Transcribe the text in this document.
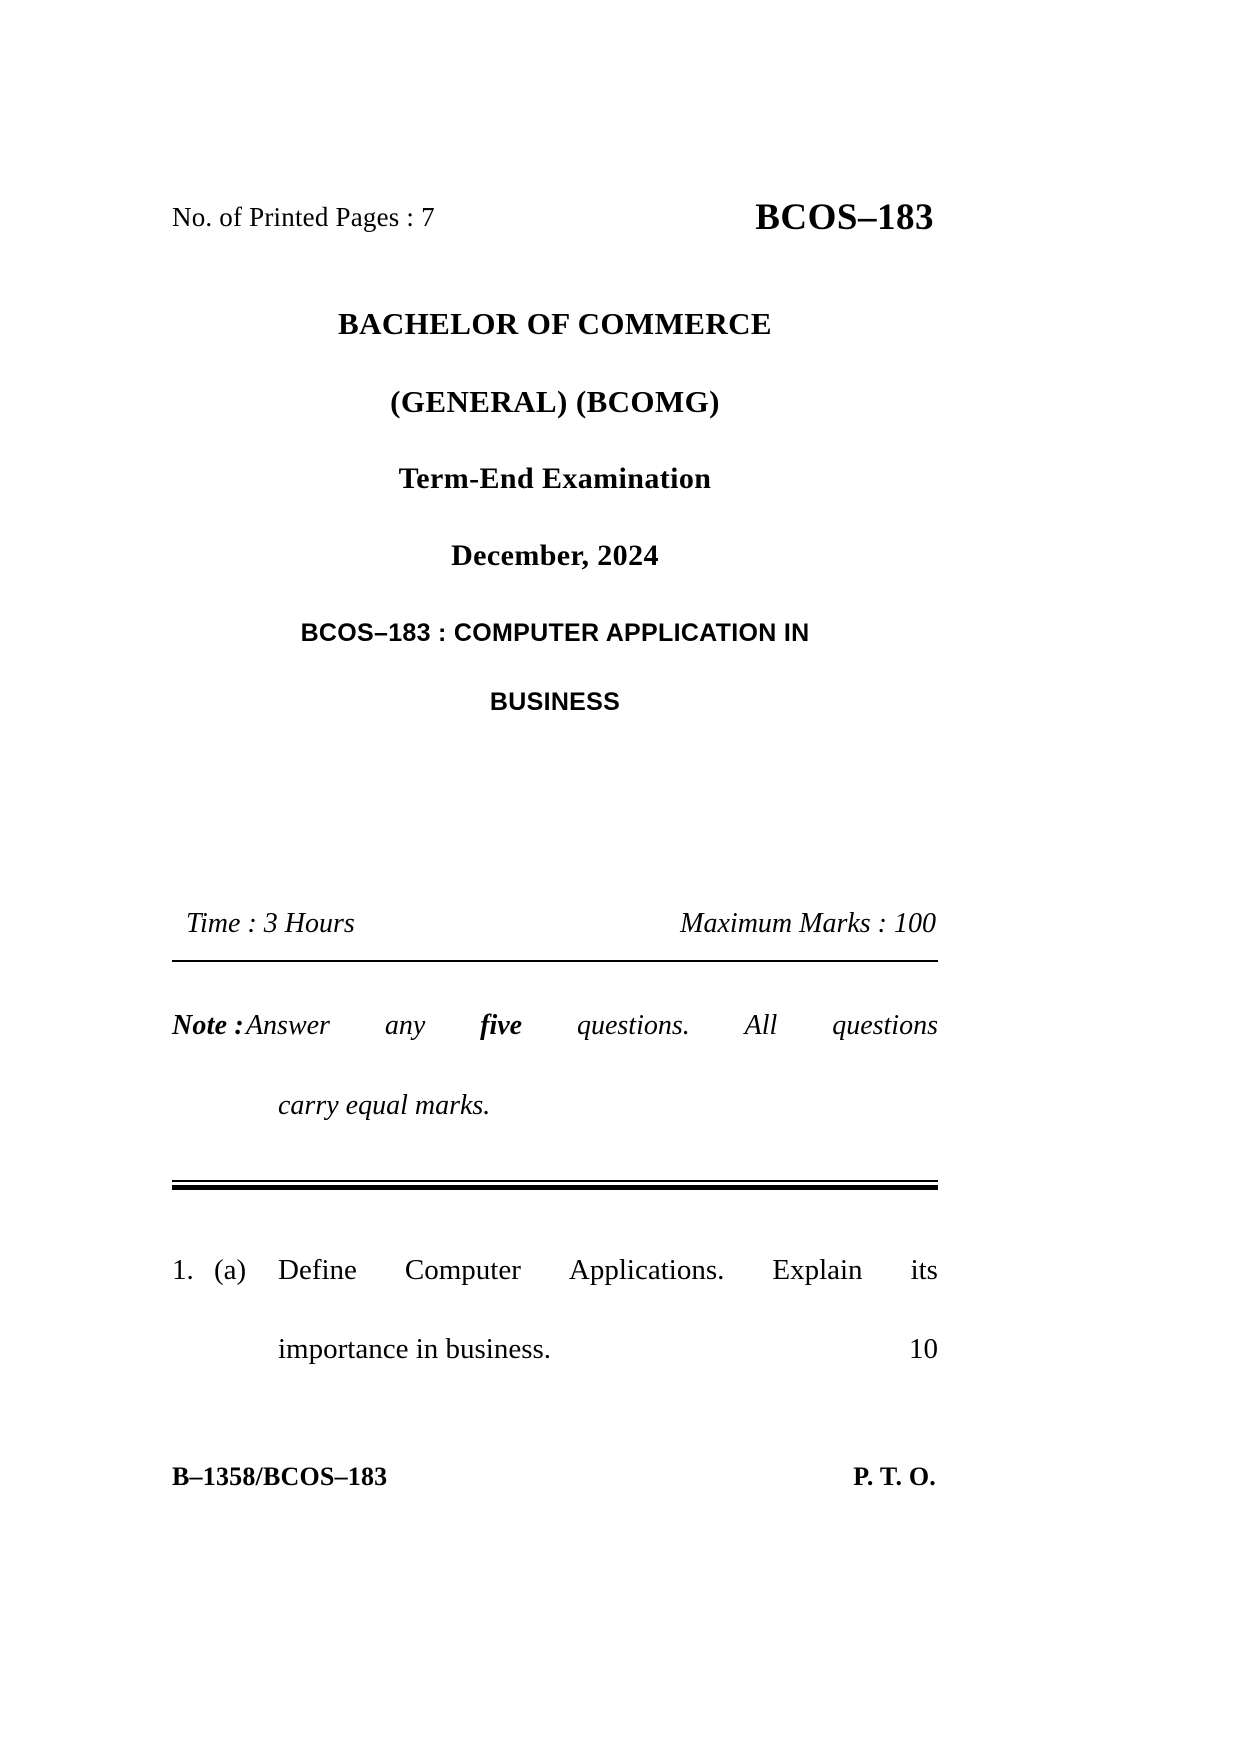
No. of Printed Pages : 7	BCOS–183
BACHELOR OF COMMERCE
(GENERAL) (BCOMG)
Term-End Examination
December, 2024
BCOS–183 : COMPUTER APPLICATION IN
BUSINESS
Time : 3 Hours	Maximum Marks : 100
Note : Answer any five questions. All questions
carry equal marks.
1. (a)	Define Computer Applications. Explain its
importance in business.	10
B–1358/BCOS–183	P. T. O.
